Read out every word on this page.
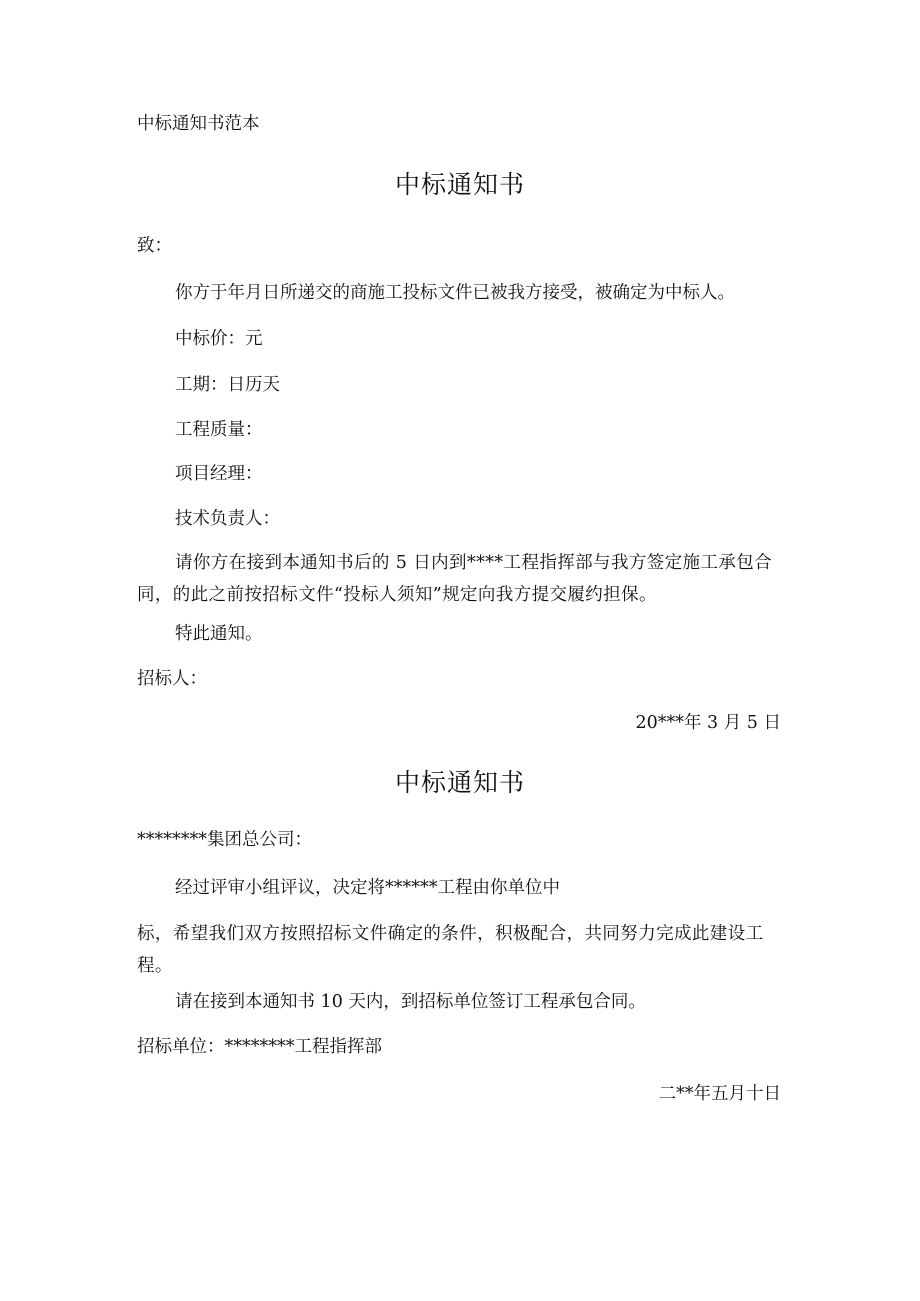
中标通知书范本
中标通知书
致：
你方于年月日所递交的商施工投标文件已被我方接受，被确定为中标人。
中标价：元
工期：日历天
工程质量：
项目经理：
技术负责人：
请你方在接到本通知书后的 5 日内到****工程指挥部与我方签定施工承包合同，的此之前按招标文件“投标人须知”规定向我方提交履约担保。
特此通知。
招标人：
20***年 3 月 5 日
中标通知书
********集团总公司：
经过评审小组评议，决定将******工程由你单位中
标，希望我们双方按照招标文件确定的条件，积极配合，共同努力完成此建设工程。
请在接到本通知书 10 天内，到招标单位签订工程承包合同。
招标单位：********工程指挥部
二**年五月十日
